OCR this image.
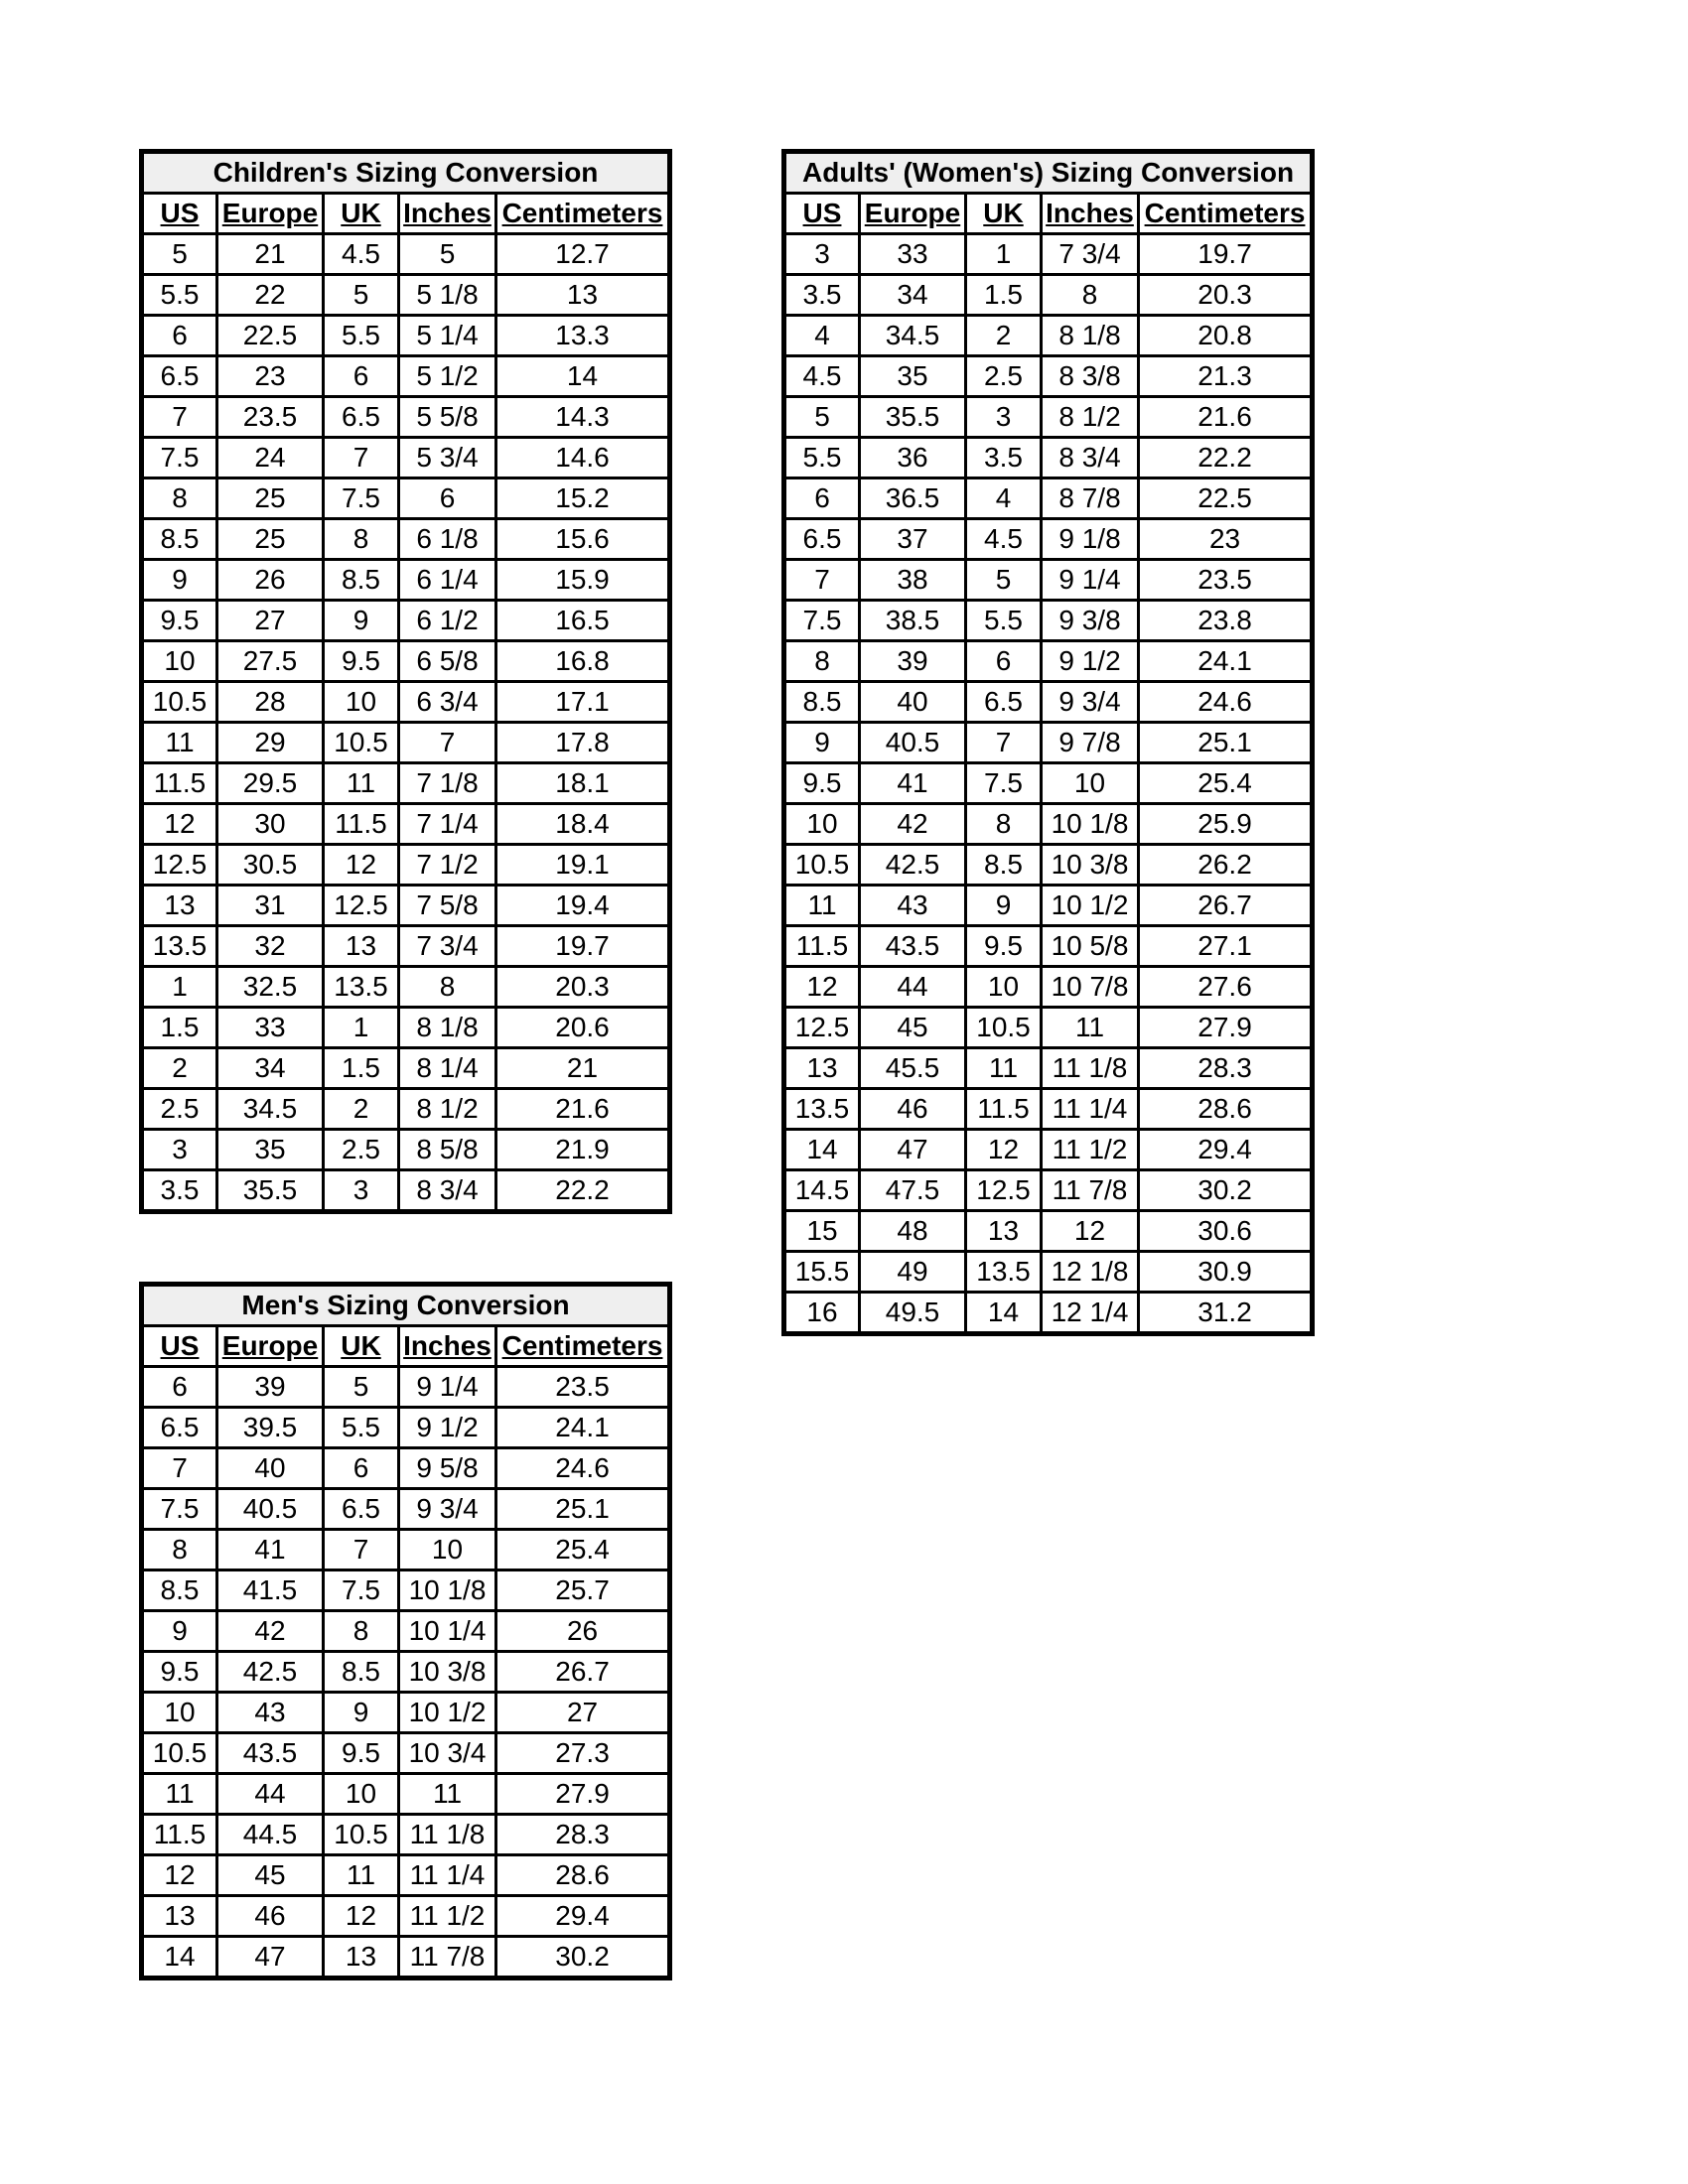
Children's Sizing Conversion				
US	Europe	UK	Inches	Centimeters
5	21	4.5	5	12.7
5.5	22	5	5 1/8	13
6	22.5	5.5	5 1/4	13.3
6.5	23	6	5 1/2	14
7	23.5	6.5	5 5/8	14.3
7.5	24	7	5 3/4	14.6
8	25	7.5	6	15.2
8.5	25	8	6 1/8	15.6
9	26	8.5	6 1/4	15.9
9.5	27	9	6 1/2	16.5
10	27.5	9.5	6 5/8	16.8
10.5	28	10	6 3/4	17.1
11	29	10.5	7	17.8
11.5	29.5	11	7 1/8	18.1
12	30	11.5	7 1/4	18.4
12.5	30.5	12	7 1/2	19.1
13	31	12.5	7 5/8	19.4
13.5	32	13	7 3/4	19.7
1	32.5	13.5	8	20.3
1.5	33	1	8 1/8	20.6
2	34	1.5	8 1/4	21
2.5	34.5	2	8 1/2	21.6
3	35	2.5	8 5/8	21.9
3.5	35.5	3	8 3/4	22.2
Adults' (Women's) Sizing Conversion				
US	Europe	UK	Inches	Centimeters
3	33	1	7 3/4	19.7
3.5	34	1.5	8	20.3
4	34.5	2	8 1/8	20.8
4.5	35	2.5	8 3/8	21.3
5	35.5	3	8 1/2	21.6
5.5	36	3.5	8 3/4	22.2
6	36.5	4	8 7/8	22.5
6.5	37	4.5	9 1/8	23
7	38	5	9 1/4	23.5
7.5	38.5	5.5	9 3/8	23.8
8	39	6	9 1/2	24.1
8.5	40	6.5	9 3/4	24.6
9	40.5	7	9 7/8	25.1
9.5	41	7.5	10	25.4
10	42	8	10 1/8	25.9
10.5	42.5	8.5	10 3/8	26.2
11	43	9	10 1/2	26.7
11.5	43.5	9.5	10 5/8	27.1
12	44	10	10 7/8	27.6
12.5	45	10.5	11	27.9
13	45.5	11	11 1/8	28.3
13.5	46	11.5	11 1/4	28.6
14	47	12	11 1/2	29.4
14.5	47.5	12.5	11 7/8	30.2
15	48	13	12	30.6
15.5	49	13.5	12 1/8	30.9
16	49.5	14	12 1/4	31.2
Men's Sizing Conversion				
US	Europe	UK	Inches	Centimeters
6	39	5	9 1/4	23.5
6.5	39.5	5.5	9 1/2	24.1
7	40	6	9 5/8	24.6
7.5	40.5	6.5	9 3/4	25.1
8	41	7	10	25.4
8.5	41.5	7.5	10 1/8	25.7
9	42	8	10 1/4	26
9.5	42.5	8.5	10 3/8	26.7
10	43	9	10 1/2	27
10.5	43.5	9.5	10 3/4	27.3
11	44	10	11	27.9
11.5	44.5	10.5	11 1/8	28.3
12	45	11	11 1/4	28.6
13	46	12	11 1/2	29.4
14	47	13	11 7/8	30.2
